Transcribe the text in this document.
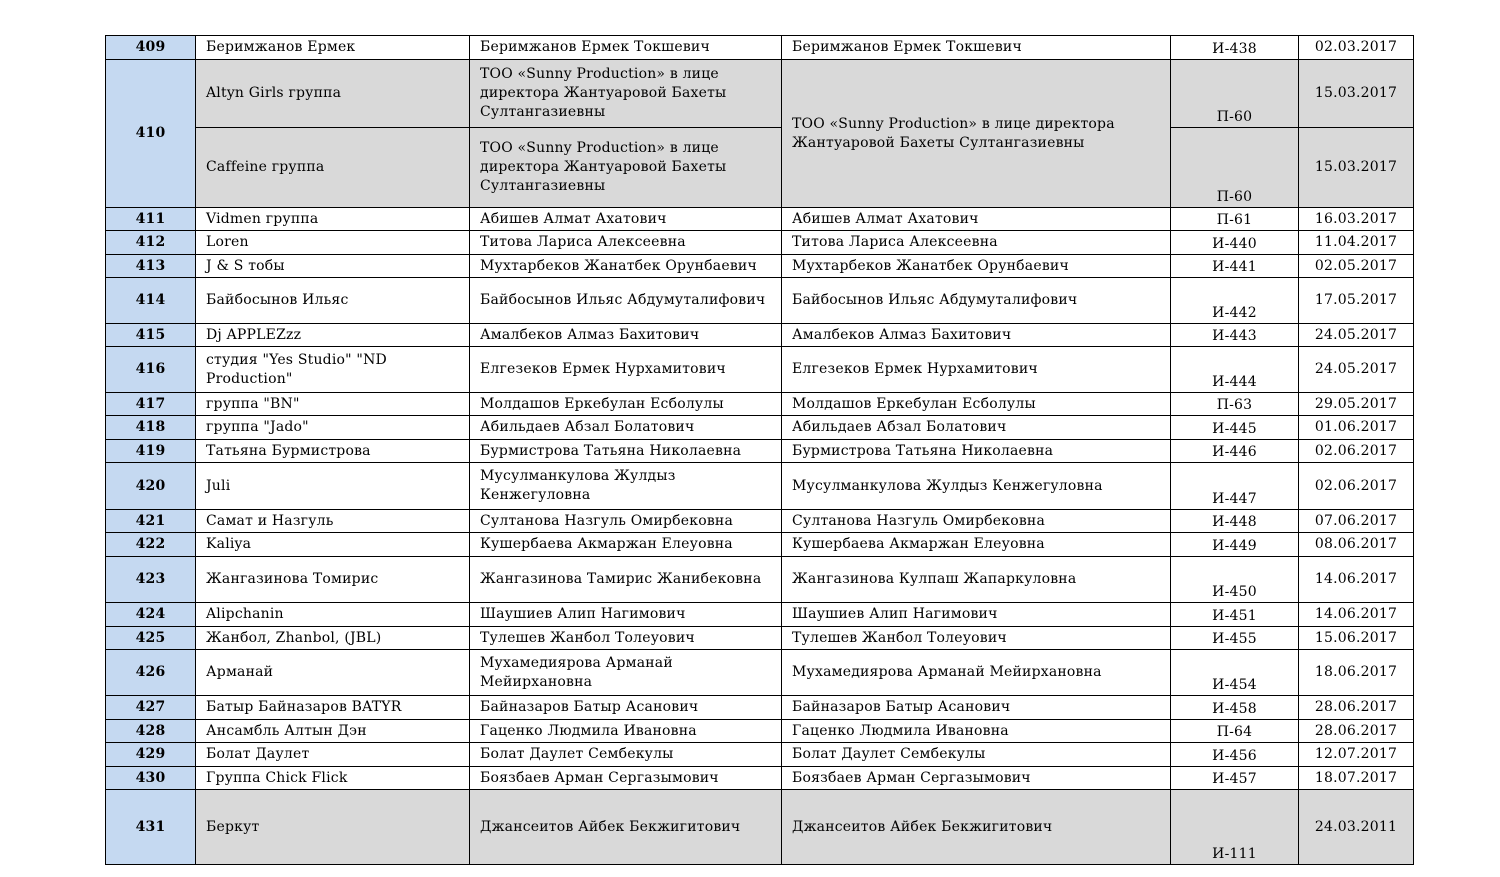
409	Беримжанов Ермек	Беримжанов Ермек Токшевич	Беримжанов Ермек Токшевич	И-438	02.03.2017
410	Altyn Girls группа	ТОО «Sunny Production» в лице директора Жантуаровой Бахеты Султангазиевны	ТОО «Sunny Production» в лице директора Жантуаровой Бахеты Султангазиевны	П-60	15.03.2017
	Caffeine группа	ТОО «Sunny Production» в лице директора Жантуаровой Бахеты Султангазиевны		П-60	15.03.2017
411	Vidmen группа	Абишев Алмат Ахатович	Абишев Алмат Ахатович	П-61	16.03.2017
412	Loren	Титова Лариса Алексеевна	Титова Лариса Алексеевна	И-440	11.04.2017
413	J & S тобы	Мухтарбеков Жанатбек Орунбаевич	Мухтарбеков Жанатбек Орунбаевич	И-441	02.05.2017
414	Байбосынов Ильяс	Байбосынов Ильяс Абдумуталифович	Байбосынов Ильяс Абдумуталифович	И-442	17.05.2017
415	Dj APPLEZzz	Амалбеков Алмаз Бахитович	Амалбеков Алмаз Бахитович	И-443	24.05.2017
416	студия "Yes Studio" "ND Production"	Елгезеков Ермек Нурхамитович	Елгезеков Ермек Нурхамитович	И-444	24.05.2017
417	группа "BN"	Молдашов Еркебулан Есболулы	Молдашов Еркебулан Есболулы	П-63	29.05.2017
418	группа "Jado"	Абильдаев Абзал Болатович	Абильдаев Абзал Болатович	И-445	01.06.2017
419	Татьяна Бурмистрова	Бурмистрова Татьяна Николаевна	Бурмистрова Татьяна Николаевна	И-446	02.06.2017
420	Juli	Мусулманкулова Жулдыз Кенжегуловна	Мусулманкулова Жулдыз Кенжегуловна	И-447	02.06.2017
421	Самат и Назгуль	Султанова Назгуль Омирбековна	Султанова Назгуль Омирбековна	И-448	07.06.2017
422	Kaliya	Кушербаева Акмаржан Елеуовна	Кушербаева Акмаржан Елеуовна	И-449	08.06.2017
423	Жангазинова Томирис	Жангазинова Тамирис Жанибековна	Жангазинова Кулпаш Жапаркуловна	И-450	14.06.2017
424	Alipchanin	Шаушиев Алип Нагимович	Шаушиев Алип Нагимович	И-451	14.06.2017
425	Жанбол, Zhanbol, (JBL)	Тулешев Жанбол Толеуович	Тулешев Жанбол Толеуович	И-455	15.06.2017
426	Арманай	Мухамедиярова Арманай Мейирхановна	Мухамедиярова Арманай Мейирхановна	И-454	18.06.2017
427	Батыр Байназаров BATYR	Байназаров Батыр Асанович	Байназаров Батыр Асанович	И-458	28.06.2017
428	Ансамбль Алтын Дэн	Гаценко Людмила Ивановна	Гаценко Людмила Ивановна	П-64	28.06.2017
429	Болат Даулет	Болат Даулет Сембекулы	Болат Даулет Сембекулы	И-456	12.07.2017
430	Группа Chick Flick	Боязбаев Арман Сергазымович	Боязбаев Арман Сергазымович	И-457	18.07.2017
431	Беркут	Джансеитов Айбек Бекжигитович	Джансеитов Айбек Бекжигитович	И-111	24.03.2011
